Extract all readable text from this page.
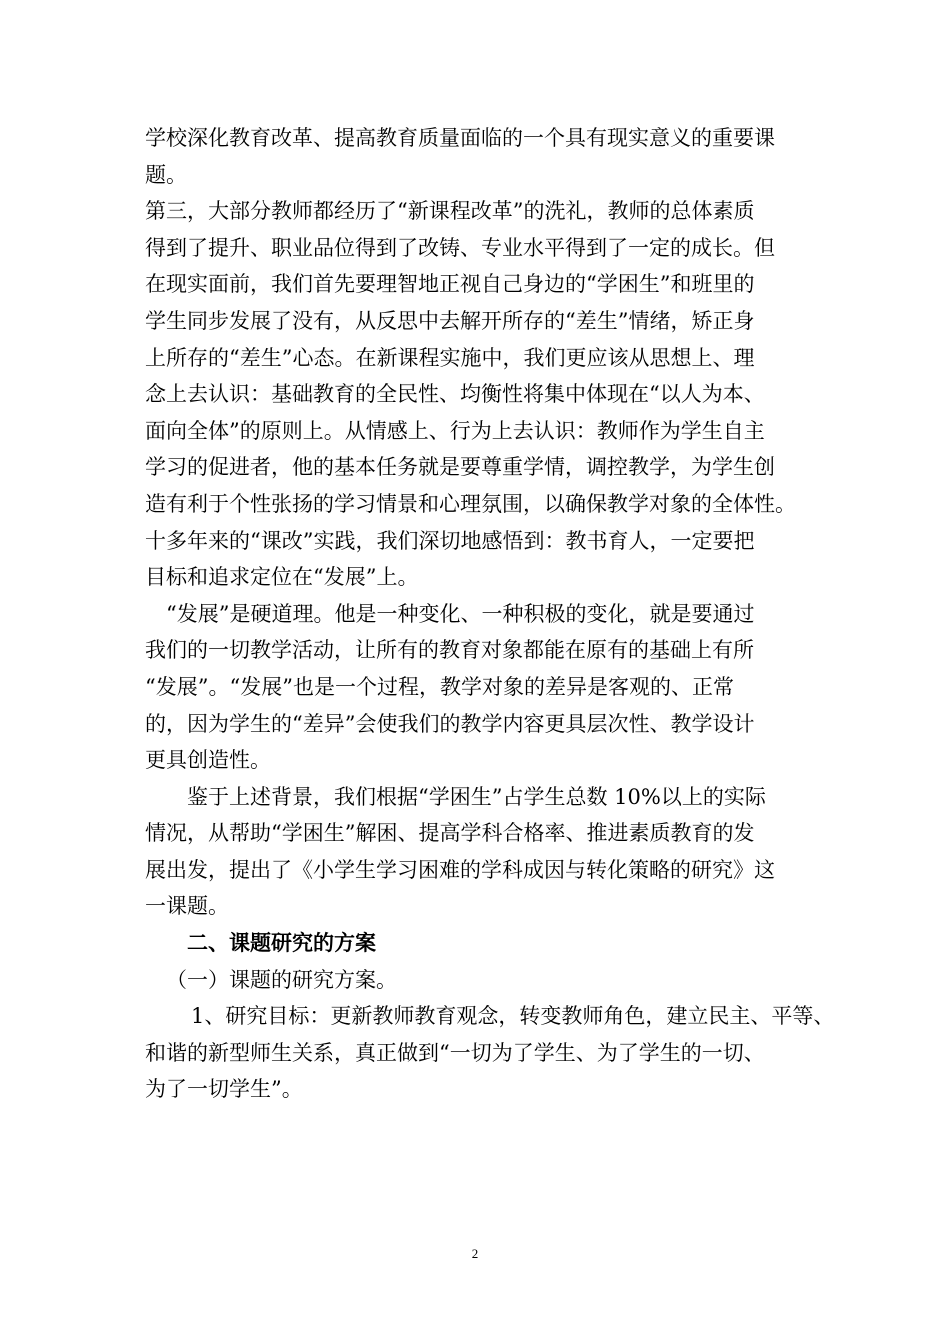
学校深化教育改革、提高教育质量面临的一个具有现实意义的重要课
题。
第三，大部分教师都经历了“新课程改革”的洗礼，教师的总体素质
得到了提升、职业品位得到了改铸、专业水平得到了一定的成长。但
在现实面前，我们首先要理智地正视自己身边的“学困生”和班里的
学生同步发展了没有，从反思中去解开所存的“差生”情绪，矫正身
上所存的“差生”心态。在新课程实施中，我们更应该从思想上、理
念上去认识：基础教育的全民性、均衡性将集中体现在“以人为本、
面向全体”的原则上。从情感上、行为上去认识：教师作为学生自主
学习的促进者，他的基本任务就是要尊重学情，调控教学，为学生创
造有利于个性张扬的学习情景和心理氛围，以确保教学对象的全体性。
十多年来的“课改”实践，我们深切地感悟到：教书育人，一定要把
目标和追求定位在“发展”上。
“发展”是硬道理。他是一种变化、一种积极的变化，就是要通过
我们的一切教学活动，让所有的教育对象都能在原有的基础上有所
“发展”。“发展”也是一个过程，教学对象的差异是客观的、正常
的，因为学生的“差异”会使我们的教学内容更具层次性、教学设计
更具创造性。
鉴于上述背景，我们根据“学困生”占学生总数 10%以上的实际
情况，从帮助“学困生”解困、提高学科合格率、推进素质教育的发
展出发，提出了《小学生学习困难的学科成因与转化策略的研究》这
一课题。
二、课题研究的方案
（一）课题的研究方案。
1、研究目标：更新教师教育观念，转变教师角色，建立民主、平等、
和谐的新型师生关系，真正做到“一切为了学生、为了学生的一切、
为了一切学生”。
2
